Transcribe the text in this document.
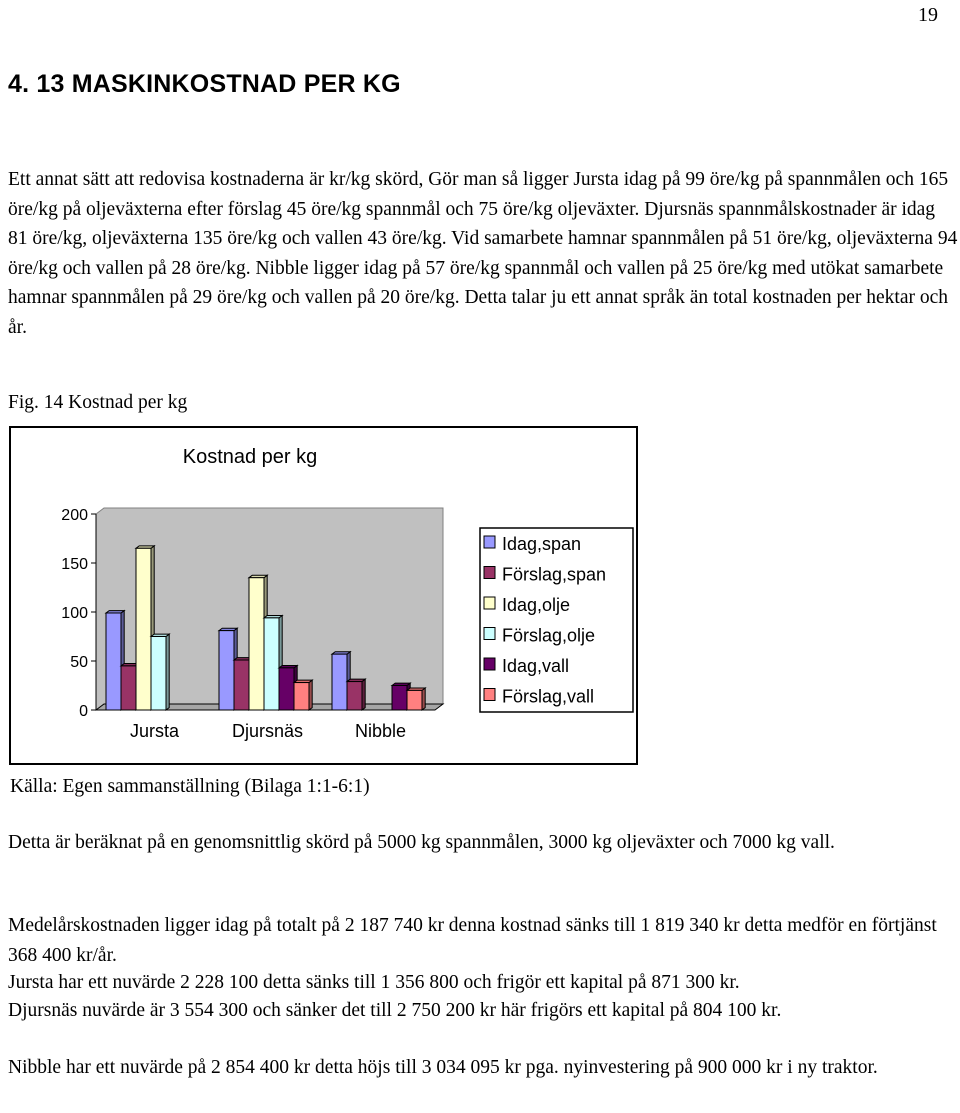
19
4. 13 MASKINKOSTNAD PER KG

Ett annat sätt att redovisa kostnaderna är kr/kg skörd, Gör man så ligger Jursta idag på 99 öre/kg på spannmålen och 165 öre/kg på oljeväxterna efter förslag 45 öre/kg spannmål och 75 öre/kg oljeväxter. Djursnäs spannmålskostnader är idag 81 öre/kg, oljeväxterna 135 öre/kg och vallen 43 öre/kg. Vid samarbete hamnar spannmålen på 51 öre/kg, oljeväxterna 94 öre/kg och vallen på 28 öre/kg. Nibble ligger idag på 57 öre/kg spannmål och vallen på 25 öre/kg med utökat samarbete hamnar spannmålen på 29 öre/kg och vallen på 20 öre/kg. Detta talar ju ett annat språk än total kostnaden per hektar och år.

Fig. 14 Kostnad per kg
Kostnad per kg
0
50
100
150
200
Jursta	Djursnäs	Nibble
Idag,span
Förslag,span
Idag,olje
Förslag,olje
Idag,vall
Förslag,vall
Källa: Egen sammanställning (Bilaga 1:1-6:1)

Detta är beräknat på en genomsnittlig skörd på 5000 kg spannmålen, 3000 kg oljeväxter och 7000 kg vall.

Medelårskostnaden ligger idag på totalt på 2 187 740 kr denna kostnad sänks till 1 819 340 kr detta medför en förtjänst 368 400 kr/år.

Jursta har ett nuvärde 2 228 100 detta sänks till 1 356 800 och frigör ett kapital på 871 300 kr.

Djursnäs nuvärde är 3 554 300 och sänker det till 2 750 200 kr här frigörs ett kapital på 804 100 kr.

Nibble har ett nuvärde på 2 854 400 kr detta höjs till 3 034 095 kr pga. nyinvestering på 900 000 kr i ny traktor.
